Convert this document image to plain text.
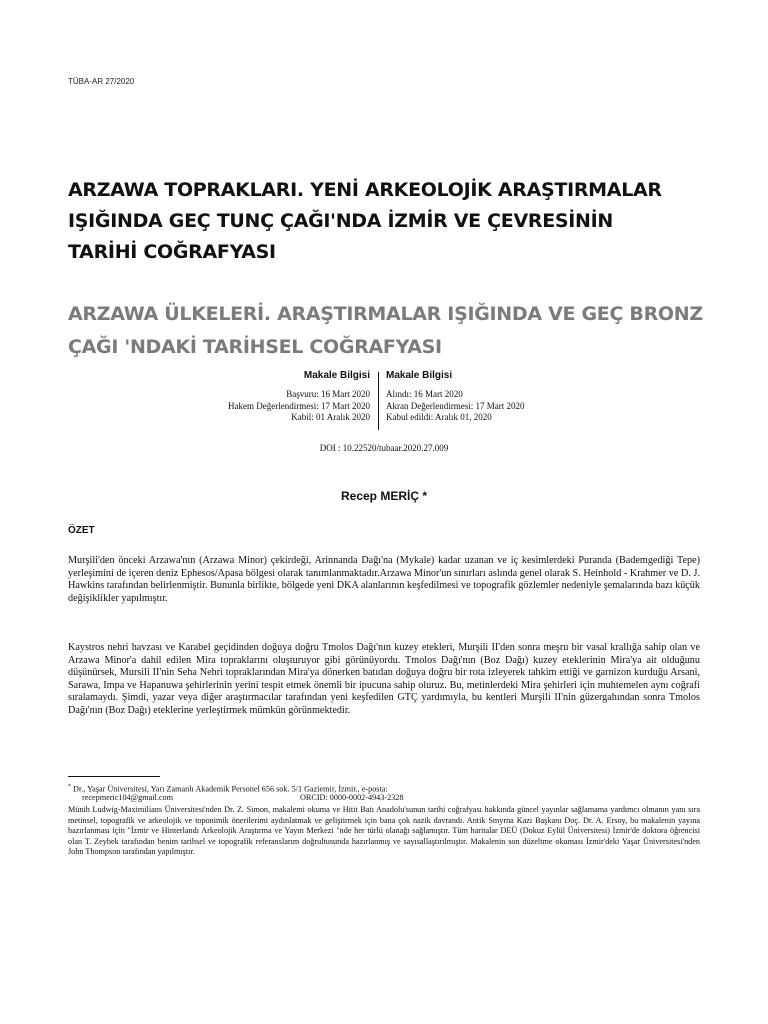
TÜBA-AR 27/2020
ARZAWA TOPRAKLARI. YENİ ARKEOLOJİK ARAŞTIRMALAR IŞIĞINDA GEÇ TUNÇ ÇAĞI'NDA İZMİR VE ÇEVRESİNİN TARİHİ COĞRAFYASI
ARZAWA ÜLKELERİ. ARAŞTIRMALAR IŞIĞINDA VE GEÇ BRONZ ÇAĞI 'NDAKİ TARİHSEL COĞRAFYASI
Makale Bilgisi
Başvuru: 16 Mart 2020
Hakem Değerlendirmesi: 17 Mart 2020
Kabil: 01 Aralık 2020
Makale Bilgisi
Alındı: 16 Mart 2020
Akran Değerlendirmesi: 17 Mart 2020
Kabul edildi: Aralık 01, 2020
DOI : 10.22520/tubaar.2020.27.009
Recep MERİÇ *
ÖZET
Murşili'den önceki Arzawa'nın (Arzawa Minor) çekirdeği, Arinnanda Dağı'na (Mykale) kadar uzanan ve iç kesimlerdeki Puranda (Bademgediği Tepe) yerleşimini de içeren deniz Ephesos/Apasa bölgesi olarak tanımlanmaktadır.Arzawa Minor'un sınırları aslında genel olarak S. Heinhold - Krahmer ve D. J. Hawkins tarafından belirlenmiştir. Bununla birlikte, bölgede yeni DKA alanlarının keşfedilmesi ve topografik gözlemler nedeniyle şemalarında bazı küçük değişiklikler yapılmıştır.
Kaystros nehri havzası ve Karabel geçidinden doğuya doğru Tmolos Dağı'nın kuzey etekleri, Murşili II'den sonra meşru bir vasal krallığa sahip olan ve Arzawa Minor'a dahil edilen Mira topraklarını oluşturuyor gibi görünüyordu. Tmolos Dağı'nın (Boz Dağı) kuzey eteklerinin Mira'ya ait olduğunu düşünürsek, Mursili II'nin Seha Nehri topraklarından Mira'ya dönerken batıdan doğuya doğru bir rota izleyerek tahkim ettiği ve garnizon kurduğu Arsani, Sarawa, Impa ve Hapanuwa şehirlerinin yerini tespit etmek önemli bir ipucuna sahip oluruz. Bu, metinlerdeki Mira şehirleri için muhtemelen aynı coğrafi sıralamaydı. Şimdi, yazar veya diğer araştırmacılar tarafından yeni keşfedilen GTÇ yardımıyla, bu kentleri Murşili II'nin güzergahından sonra Tmolos Dağı'nın (Boz Dağı) eteklerine yerleştirmek mümkün görünmektedir.
* Dr., Yaşar Üniversitesi, Yarı Zamanlı Akademik Personel 656 sok. 5/1 Gaziemir, İzmir., e-posta:
recepmeric104@gmail.com	ORCID: 0000-0002-4943-2328
Münih Ludwig-Maximilians Üniversitesi'nden Dr. Z. Simon, makalemi okuma ve Hitit Batı Anadolu'sunun tarihi coğrafyası hakkında güncel yayınlar sağlamama yardımcı olmanın yanı sıra metinsel, topografik ve arkeolojik ve toponimik önerilerimi aydınlatmak ve geliştirmek için bana çok nazik davrandı. Antik Smyrna Kazı Başkanı Doç. Dr. A. Ersoy, bu makalenin yayına hazırlanması için "İzmir ve Hinterlandı Arkeolojik Araştırma ve Yayın Merkezi "nde her türlü olanağı sağlamıştır. Tüm haritalar DEÜ (Dokuz Eylül Üniversitesi) İzmir'de doktora öğrencisi olan T. Zeybek tarafından benim tarihsel ve topografik referanslarım doğrultusunda hazırlanmış ve sayısallaştırılmıştır. Makalenin son düzeltme okuması İzmir'deki Yaşar Üniversitesi'nden John Thompson tarafından yapılmıştır.
